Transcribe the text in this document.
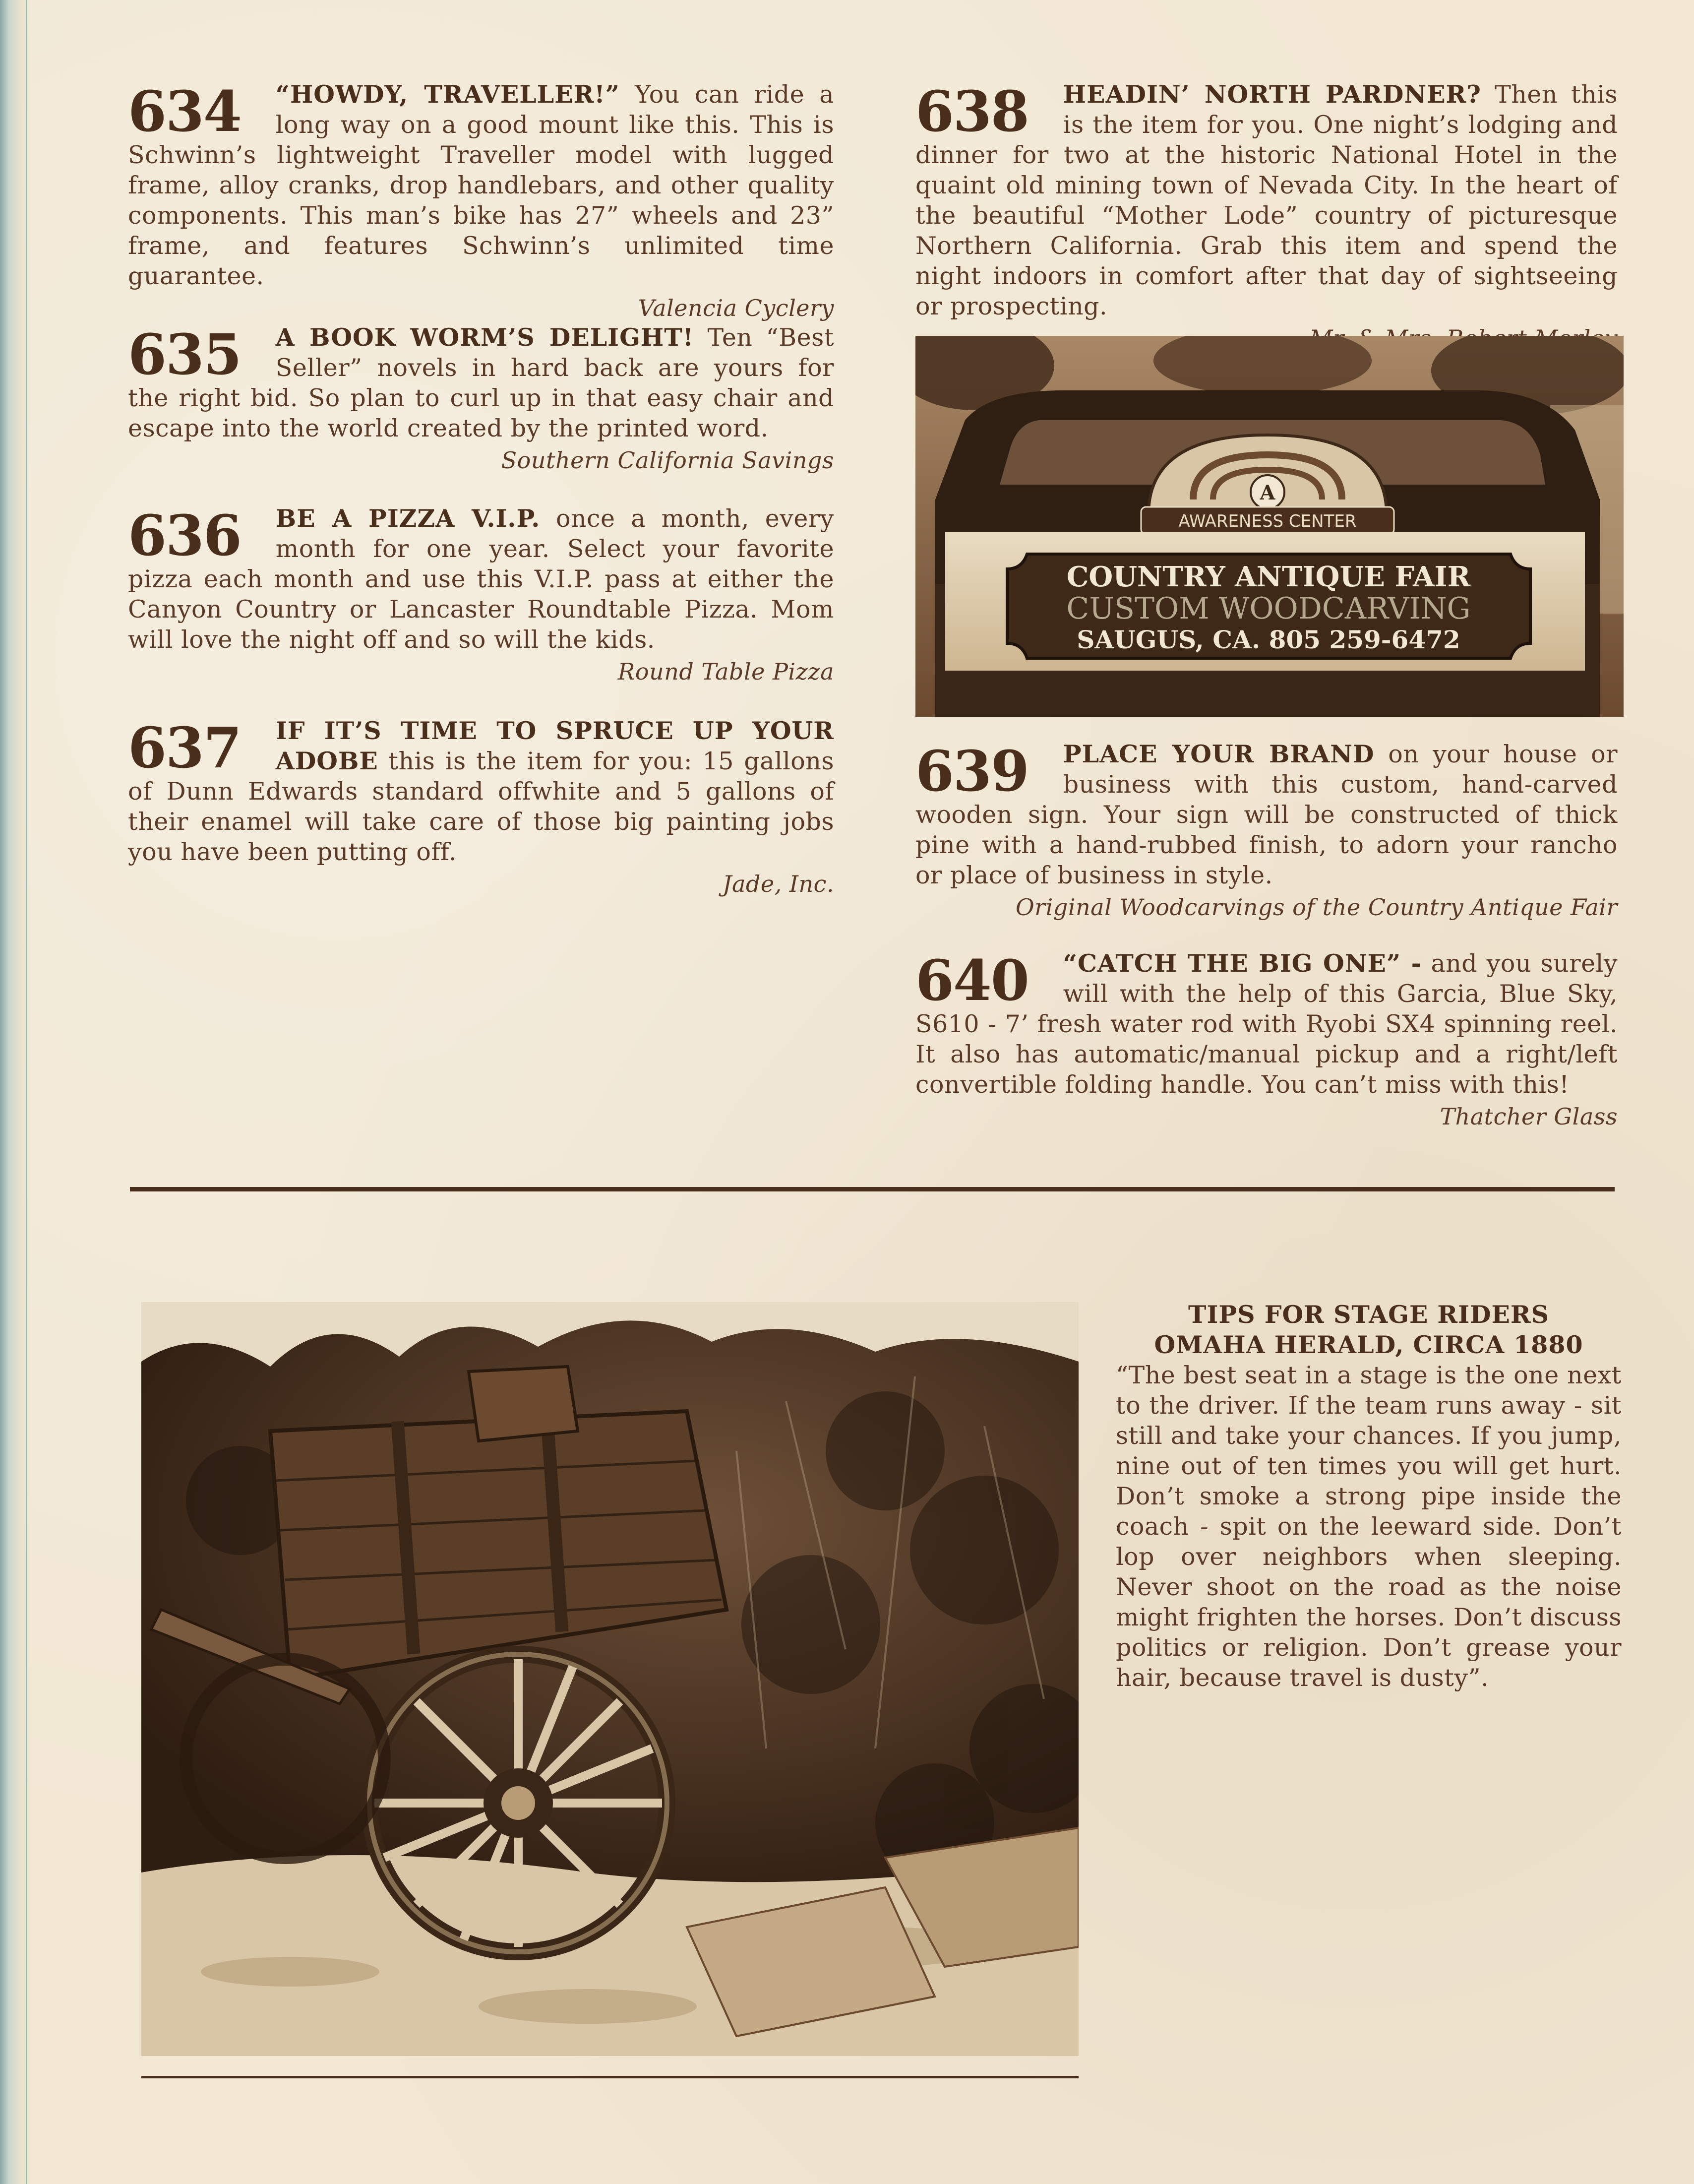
634 “HOWDY, TRAVELLER!” You can ride a long way on a good mount like this. This is Schwinn’s lightweight Traveller model with lugged frame, alloy cranks, drop handlebars, and other quality components. This man’s bike has 27” wheels and 23” frame, and features Schwinn’s unlimited time guarantee.
Valencia Cyclery
635 A BOOK WORM’S DELIGHT! Ten “Best Seller” novels in hard back are yours for the right bid. So plan to curl up in that easy chair and escape into the world created by the printed word.
Southern California Savings
636 BE A PIZZA V.I.P. once a month, every month for one year. Select your favorite pizza each month and use this V.I.P. pass at either the Canyon Country or Lancaster Roundtable Pizza. Mom will love the night off and so will the kids.
Round Table Pizza
637 IF IT’S TIME TO SPRUCE UP YOUR ADOBE this is the item for you: 15 gallons of Dunn Edwards standard offwhite and 5 gallons of their enamel will take care of those big painting jobs you have been putting off.
Jade, Inc.
638 HEADIN’ NORTH PARDNER? Then this is the item for you. One night’s lodging and dinner for two at the historic National Hotel in the quaint old mining town of Nevada City. In the heart of the beautiful “Mother Lode” country of picturesque Northern California. Grab this item and spend the night indoors in comfort after that day of sightseeing or prospecting.
A
AWARENESS CENTER
COUNTRY ANTIQUE FAIR
CUSTOM WOODCARVING
SAUGUS, CA. 805 259-6472
639 PLACE YOUR BRAND on your house or business with this custom, hand-carved wooden sign. Your sign will be constructed of thick pine with a hand-rubbed finish, to adorn your rancho or place of business in style.
Original Woodcarvings of the Country Antique Fair
640 “CATCH THE BIG ONE” - and you surely will with the help of this Garcia, Blue Sky, S610 - 7’ fresh water rod with Ryobi SX4 spinning reel. It also has automatic/manual pickup and a right/left convertible folding handle. You can’t miss with this!
Thatcher Glass
TIPS FOR STAGE RIDERS
OMAHA HERALD, CIRCA 1880
“The best seat in a stage is the one next to the driver. If the team runs away - sit still and take your chances. If you jump, nine out of ten times you will get hurt. Don’t smoke a strong pipe inside the coach - spit on the leeward side. Don’t lop over neighbors when sleeping. Never shoot on the road as the noise might frighten the horses. Don’t discuss politics or religion. Don’t grease your hair, because travel is dusty”.
